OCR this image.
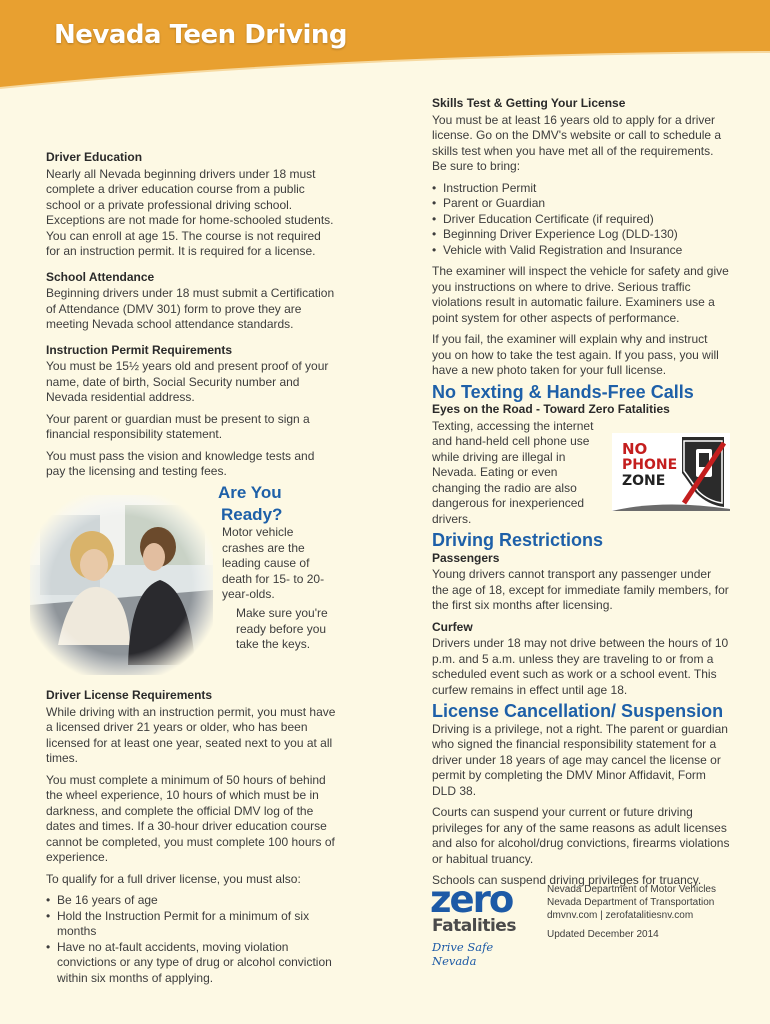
Nevada Teen Driving
Driver Education

Nearly all Nevada beginning drivers under 18 must complete a driver education course from a public school or a private professional driving school. Exceptions are not made for home-schooled students. You can enroll at age 15. The course is not required for an instruction permit. It is required for a license.

School Attendance

Beginning drivers under 18 must submit a Certification of Attendance (DMV 301) form to prove they are meeting Nevada school attendance standards.

Instruction Permit Requirements

You must be 15½ years old and present proof of your name, date of birth, Social Security number and Nevada residential address.

Your parent or guardian must be present to sign a financial responsibility statement.

You must pass the vision and knowledge tests and pay the licensing and testing fees.

Are You
Ready?
Motor vehicle crashes are the leading cause of death for 15- to 20-year-olds.
Make sure you're ready before you take the keys.
Driver License Requirements

While driving with an instruction permit, you must have a licensed driver 21 years or older, who has been licensed for at least one year, seated next to you at all times.

You must complete a minimum of 50 hours of behind the wheel experience, 10 hours of which must be in darkness, and complete the official DMV log of the dates and times. If a 30-hour driver education course cannot be completed, you must complete 100 hours of experience.

To qualify for a full driver license, you must also:

• Be 16 years of age
• Hold the Instruction Permit for a minimum of six months
• Have no at-fault accidents, moving violation convictions or any type of drug or alcohol conviction within six months of applying.
Skills Test & Getting Your License

You must be at least 16 years old to apply for a driver license. Go on the DMV's website or call to schedule a skills test when you have met all of the requirements. Be sure to bring:

• Instruction Permit
• Parent or Guardian
• Driver Education Certificate (if required)
• Beginning Driver Experience Log (DLD-130)
• Vehicle with Valid Registration and Insurance

The examiner will inspect the vehicle for safety and give you instructions on where to drive. Serious traffic violations result in automatic failure. Examiners use a point system for other aspects of performance.

If you fail, the examiner will explain why and instruct you on how to take the test again. If you pass, you will have a new photo taken for your full license.

No Texting & Hands-Free Calls
Eyes on the Road - Toward Zero Fatalities

Texting, accessing the internet and hand-held cell phone use while driving are illegal in Nevada. Eating or even changing the radio are also dangerous for inexperienced drivers.

Driving Restrictions
Passengers

Young drivers cannot transport any passenger under the age of 18, except for immediate family members, for the first six months after licensing.

Curfew

Drivers under 18 may not drive between the hours of 10 p.m. and 5 a.m. unless they are traveling to or from a scheduled event such as work or a school event. This curfew remains in effect until age 18.

License Cancellation/ Suspension

Driving is a privilege, not a right. The parent or guardian who signed the financial responsibility statement for a driver under 18 years of age may cancel the license or permit by completing the DMV Minor Affidavit, Form DLD 38.

Courts can suspend your current or future driving privileges for any of the same reasons as adult licenses and also for alcohol/drug convictions, firearms violations or habitual truancy.

Schools can suspend driving privileges for truancy.

NO
PHONE
ZONE
zero
Fatalities
Drive Safe Nevada
Nevada Department of Motor Vehicles
Nevada Department of Transportation
dmvnv.com | zerofatalitiesnv.com
Updated December 2014
